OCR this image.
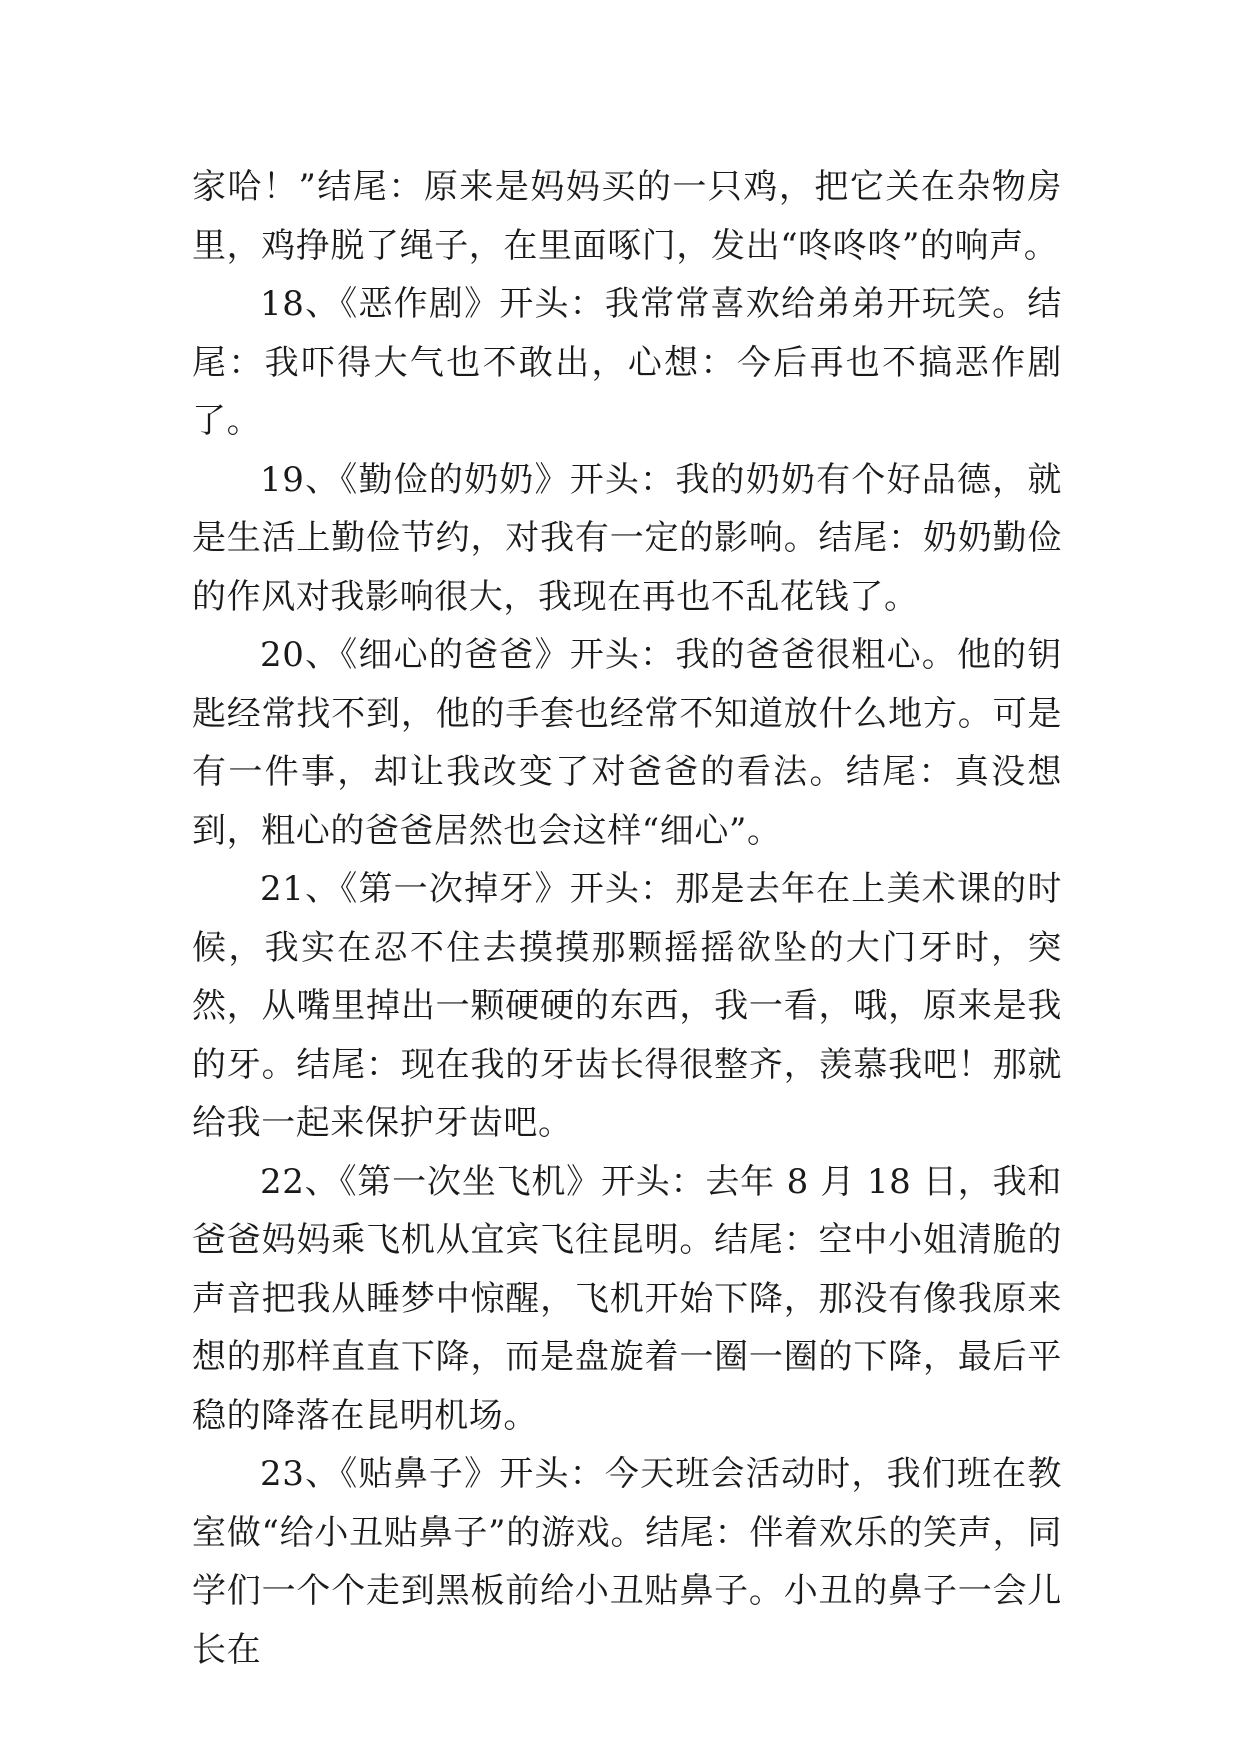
家哈！”结尾：原来是妈妈买的一只鸡，把它关在杂物房里，鸡挣脱了绳子，在里面啄门，发出“咚咚咚”的响声。

18、《恶作剧》开头：我常常喜欢给弟弟开玩笑。结尾：我吓得大气也不敢出，心想：今后再也不搞恶作剧了。

19、《勤俭的奶奶》开头：我的奶奶有个好品德，就是生活上勤俭节约，对我有一定的影响。结尾：奶奶勤俭的作风对我影响很大，我现在再也不乱花钱了。

20、《细心的爸爸》开头：我的爸爸很粗心。他的钥匙经常找不到，他的手套也经常不知道放什么地方。可是有一件事，却让我改变了对爸爸的看法。结尾：真没想到，粗心的爸爸居然也会这样“细心”。

21、《第一次掉牙》开头：那是去年在上美术课的时候，我实在忍不住去摸摸那颗摇摇欲坠的大门牙时，突然，从嘴里掉出一颗硬硬的东西，我一看，哦，原来是我的牙。结尾：现在我的牙齿长得很整齐，羡慕我吧！那就给我一起来保护牙齿吧。

22、《第一次坐飞机》开头：去年 8 月 18 日，我和爸爸妈妈乘飞机从宜宾飞往昆明。结尾：空中小姐清脆的声音把我从睡梦中惊醒，飞机开始下降，那没有像我原来想的那样直直下降，而是盘旋着一圈一圈的下降，最后平稳的降落在昆明机场。

23、《贴鼻子》开头：今天班会活动时，我们班在教室做“给小丑贴鼻子”的游戏。结尾：伴着欢乐的笑声，同学们一个个走到黑板前给小丑贴鼻子。小丑的鼻子一会儿长在
